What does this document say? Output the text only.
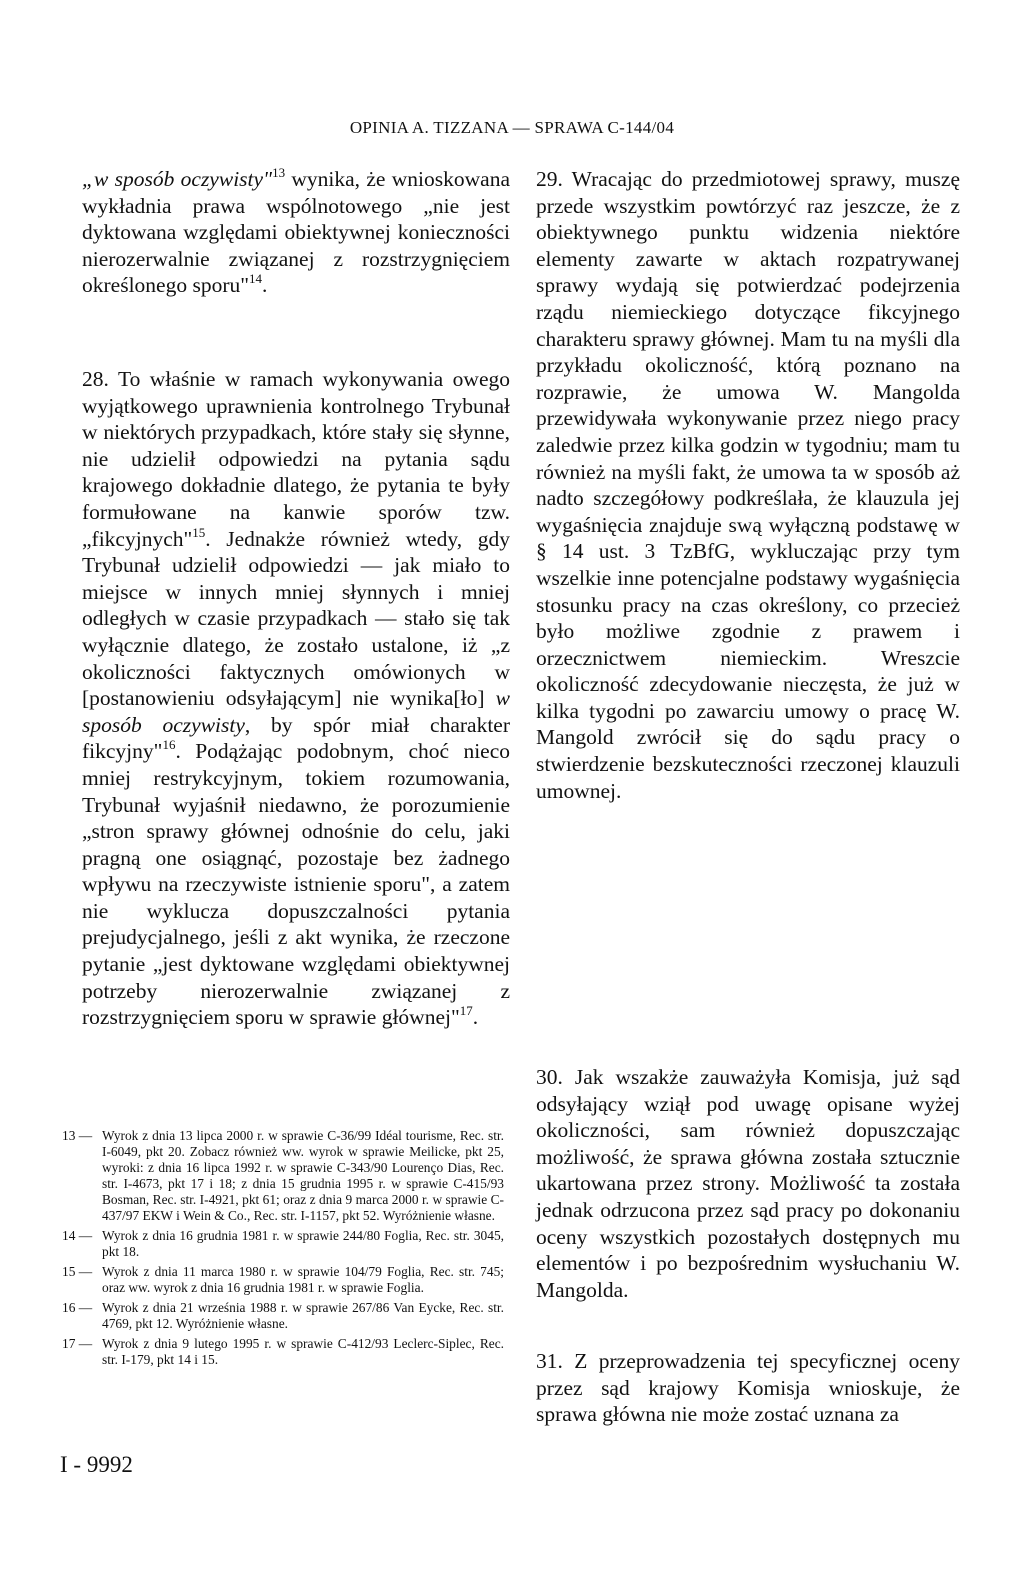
OPINIA A. TIZZANA — SPRAWA C-144/04

„w sposób oczywisty"$^{13}$ wynika, że wnioskowana wykładnia prawa wspólnotowego „nie jest dyktowana względami obiektywnej konieczności nierozerwalnie związanej z rozstrzygnięciem określonego sporu"$^{14}$.

28. To właśnie w ramach wykonywania owego wyjątkowego uprawnienia kontrolnego Trybunał w niektórych przypadkach, które stały się słynne, nie udzielił odpowiedzi na pytania sądu krajowego dokładnie dlatego, że pytania te były formułowane na kanwie sporów tzw. „fikcyjnych"$^{15}$. Jednakże również wtedy, gdy Trybunał udzielił odpowiedzi — jak miało to miejsce w innych mniej słynnych i mniej odległych w czasie przypadkach — stało się tak wyłącznie dlatego, że zostało ustalone, iż „z okoliczności faktycznych omówionych w [postanowieniu odsyłającym] nie wynika[ło] w sposób oczywisty, by spór miał charakter fikcyjny"$^{16}$. Podążając podobnym, choć nieco mniej restrykcyjnym, tokiem rozumowania, Trybunał wyjaśnił niedawno, że porozumienie „stron sprawy głównej odnośnie do celu, jaki pragną one osiągnąć, pozostaje bez żadnego wpływu na rzeczywiste istnienie sporu", a zatem nie wyklucza dopuszczalności pytania prejudycjalnego, jeśli z akt wynika, że rzeczone pytanie „jest dyktowane względami obiektywnej potrzeby nierozerwalnie związanej z rozstrzygnięciem sporu w sprawie głównej"$^{17}$.

13 — Wyrok z dnia 13 lipca 2000 r. w sprawie C-36/99 Idéal tourisme, Rec. str. I-6049, pkt 20. Zobacz również ww. wyrok w sprawie Meilicke, pkt 25, wyroki: z dnia 16 lipca 1992 r. w sprawie C-343/90 Lourenço Dias, Rec. str. I-4673, pkt 17 i 18; z dnia 15 grudnia 1995 r. w sprawie C-415/93 Bosman, Rec. str. I-4921, pkt 61; oraz z dnia 9 marca 2000 r. w sprawie C-437/97 EKW i Wein & Co., Rec. str. I-1157, pkt 52. Wyróżnienie własne.
14 — Wyrok z dnia 16 grudnia 1981 r. w sprawie 244/80 Foglia, Rec. str. 3045, pkt 18.
15 — Wyrok z dnia 11 marca 1980 r. w sprawie 104/79 Foglia, Rec. str. 745; oraz ww. wyrok z dnia 16 grudnia 1981 r. w sprawie Foglia.
16 — Wyrok z dnia 21 września 1988 r. w sprawie 267/86 Van Eycke, Rec. str. 4769, pkt 12. Wyróżnienie własne.
17 — Wyrok z dnia 9 lutego 1995 r. w sprawie C-412/93 Leclerc-Siplec, Rec. str. I-179, pkt 14 i 15.

29. Wracając do przedmiotowej sprawy, muszę przede wszystkim powtórzyć raz jeszcze, że z obiektywnego punktu widzenia niektóre elementy zawarte w aktach rozpatrywanej sprawy wydają się potwierdzać podejrzenia rządu niemieckiego dotyczące fikcyjnego charakteru sprawy głównej. Mam tu na myśli dla przykładu okoliczność, którą poznano na rozprawie, że umowa W. Mangolda przewidywała wykonywanie przez niego pracy zaledwie przez kilka godzin w tygodniu; mam tu również na myśli fakt, że umowa ta w sposób aż nadto szczegółowy podkreślała, że klauzula jej wygaśnięcia znajduje swą wyłączną podstawę w § 14 ust. 3 TzBfG, wykluczając przy tym wszelkie inne potencjalne podstawy wygaśnięcia stosunku pracy na czas określony, co przecież było możliwe zgodnie z prawem i orzecznictwem niemieckim. Wreszcie okoliczność zdecydowanie nieczęsta, że już w kilka tygodni po zawarciu umowy o pracę W. Mangold zwrócił się do sądu pracy o stwierdzenie bezskuteczności rzeczonej klauzuli umownej.

30. Jak wszakże zauważyła Komisja, już sąd odsyłający wziął pod uwagę opisane wyżej okoliczności, sam również dopuszczając możliwość, że sprawa główna została sztucznie ukartowana przez strony. Możliwość ta została jednak odrzucona przez sąd pracy po dokonaniu oceny wszystkich pozostałych dostępnych mu elementów i po bezpośrednim wysłuchaniu W. Mangolda.

31. Z przeprowadzenia tej specyficznej oceny przez sąd krajowy Komisja wnioskuje, że sprawa główna nie może zostać uznana za

I - 9992
